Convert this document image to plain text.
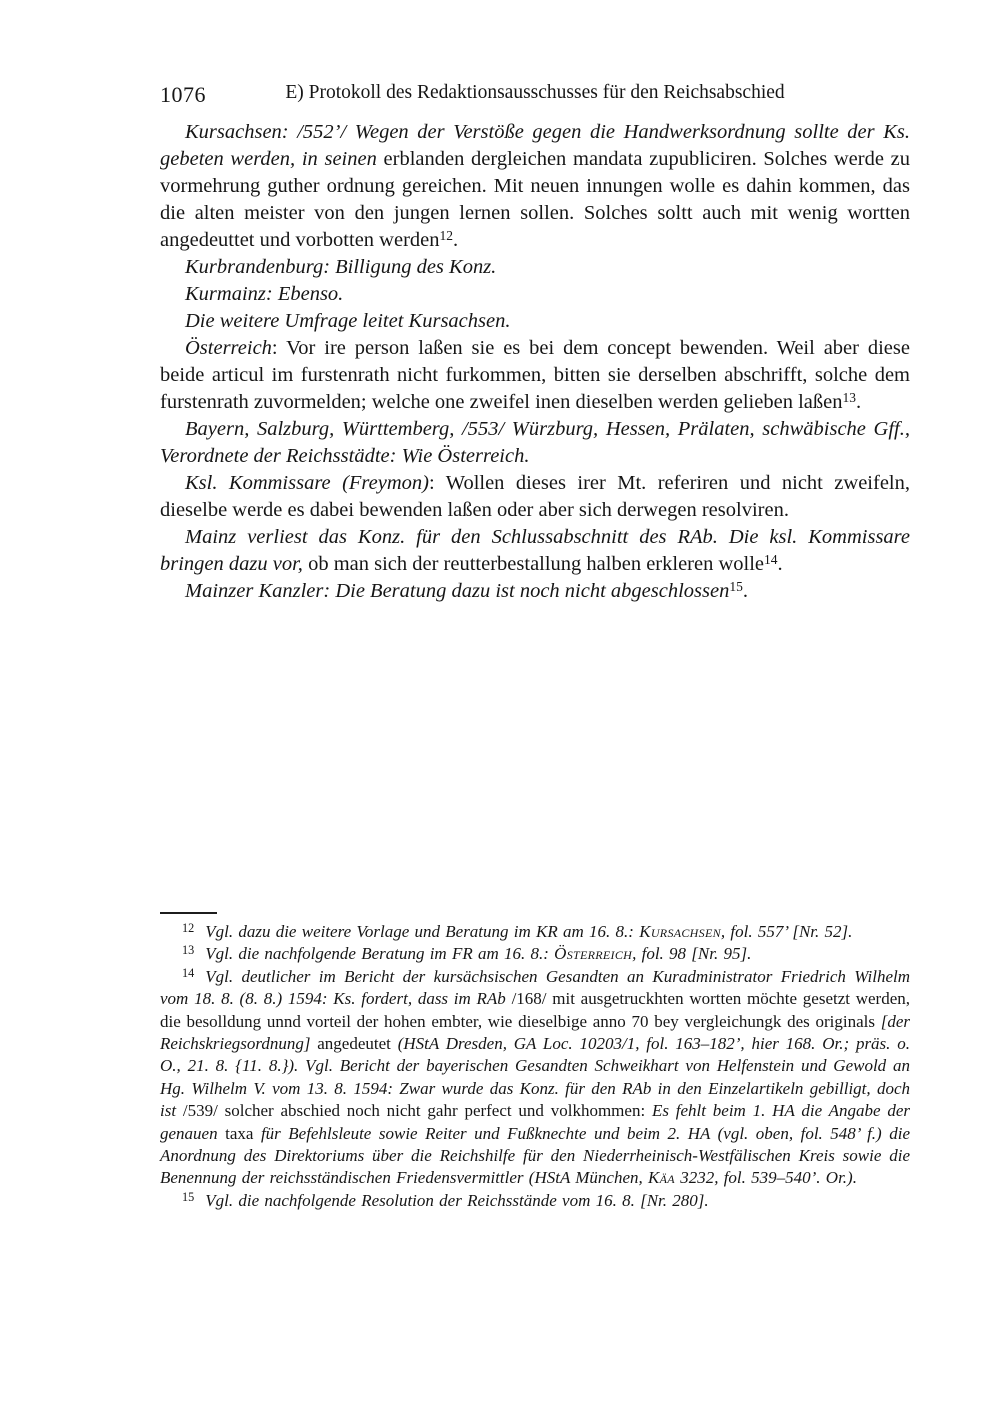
1076	E) Protokoll des Redaktionsausschusses für den Reichsabschied

Kursachsen: /552’/ Wegen der Verstöße gegen die Handwerksordnung sollte der Ks. gebeten werden, in seinen erblanden dergleichen mandata zupubliciren. Solches werde zu vormehrung guther ordnung gereichen. Mit neuen innungen wolle es dahin kommen, das die alten meister von den jungen lernen sollen. Solches soltt auch mit wenig wortten angedeuttet und vorbotten werden$^{12}$.

Kurbrandenburg: Billigung des Konz.

Kurmainz: Ebenso.

Die weitere Umfrage leitet Kursachsen.

Österreich: Vor ire person laßen sie es bei dem concept bewenden. Weil aber diese beide articul im furstenrath nicht furkommen, bitten sie derselben abschrifft, solche dem furstenrath zuvormelden; welche one zweifel inen dieselben werden gelieben laßen$^{13}$.

Bayern, Salzburg, Württemberg, /553/ Würzburg, Hessen, Prälaten, schwäbische Gff., Verordnete der Reichsstädte: Wie Österreich.

Ksl. Kommissare (Freymon): Wollen dieses irer Mt. referiren und nicht zweifeln, dieselbe werde es dabei bewenden laßen oder aber sich derwegen resolviren.

Mainz verliest das Konz. für den Schlussabschnitt des RAb. Die ksl. Kommissare bringen dazu vor, ob man sich der reutterbestallung halben erkleren wolle$^{14}$.

Mainzer Kanzler: Die Beratung dazu ist noch nicht abgeschlossen$^{15}$.

$^{12}$ Vgl. dazu die weitere Vorlage und Beratung im KR am 16. 8.: Kursachsen, fol. 557’ [Nr. 52].

$^{13}$ Vgl. die nachfolgende Beratung im FR am 16. 8.: Österreich, fol. 98 [Nr. 95].

$^{14}$ Vgl. deutlicher im Bericht der kursächsischen Gesandten an Kuradministrator Friedrich Wilhelm vom 18. 8. (8. 8.) 1594: Ks. fordert, dass im RAb /168/ mit ausgetruckhten wortten möchte gesetzt werden, die besolldung unnd vorteil der hohen embter, wie dieselbige anno 70 bey vergleichungk des originals [der Reichskriegsordnung] angedeutet (HStA Dresden, GA Loc. 10203/1, fol. 163–182’, hier 168. Or.; präs. o. O., 21. 8. {11. 8.}). Vgl. Bericht der bayerischen Gesandten Schweikhart von Helfenstein und Gewold an Hg. Wilhelm V. vom 13. 8. 1594: Zwar wurde das Konz. für den RAb in den Einzelartikeln gebilligt, doch ist /539/ solcher abschied noch nicht gahr perfect und volkhommen: Es fehlt beim 1. HA die Angabe der genauen taxa für Befehlsleute sowie Reiter und Fußknechte und beim 2. HA (vgl. oben, fol. 548’ f.) die Anordnung des Direktoriums über die Reichshilfe für den Niederrheinisch-Westfälischen Kreis sowie die Benennung der reichsständischen Friedensvermittler (HStA München, Käa 3232, fol. 539–540’. Or.).

$^{15}$ Vgl. die nachfolgende Resolution der Reichsstände vom 16. 8. [Nr. 280].
